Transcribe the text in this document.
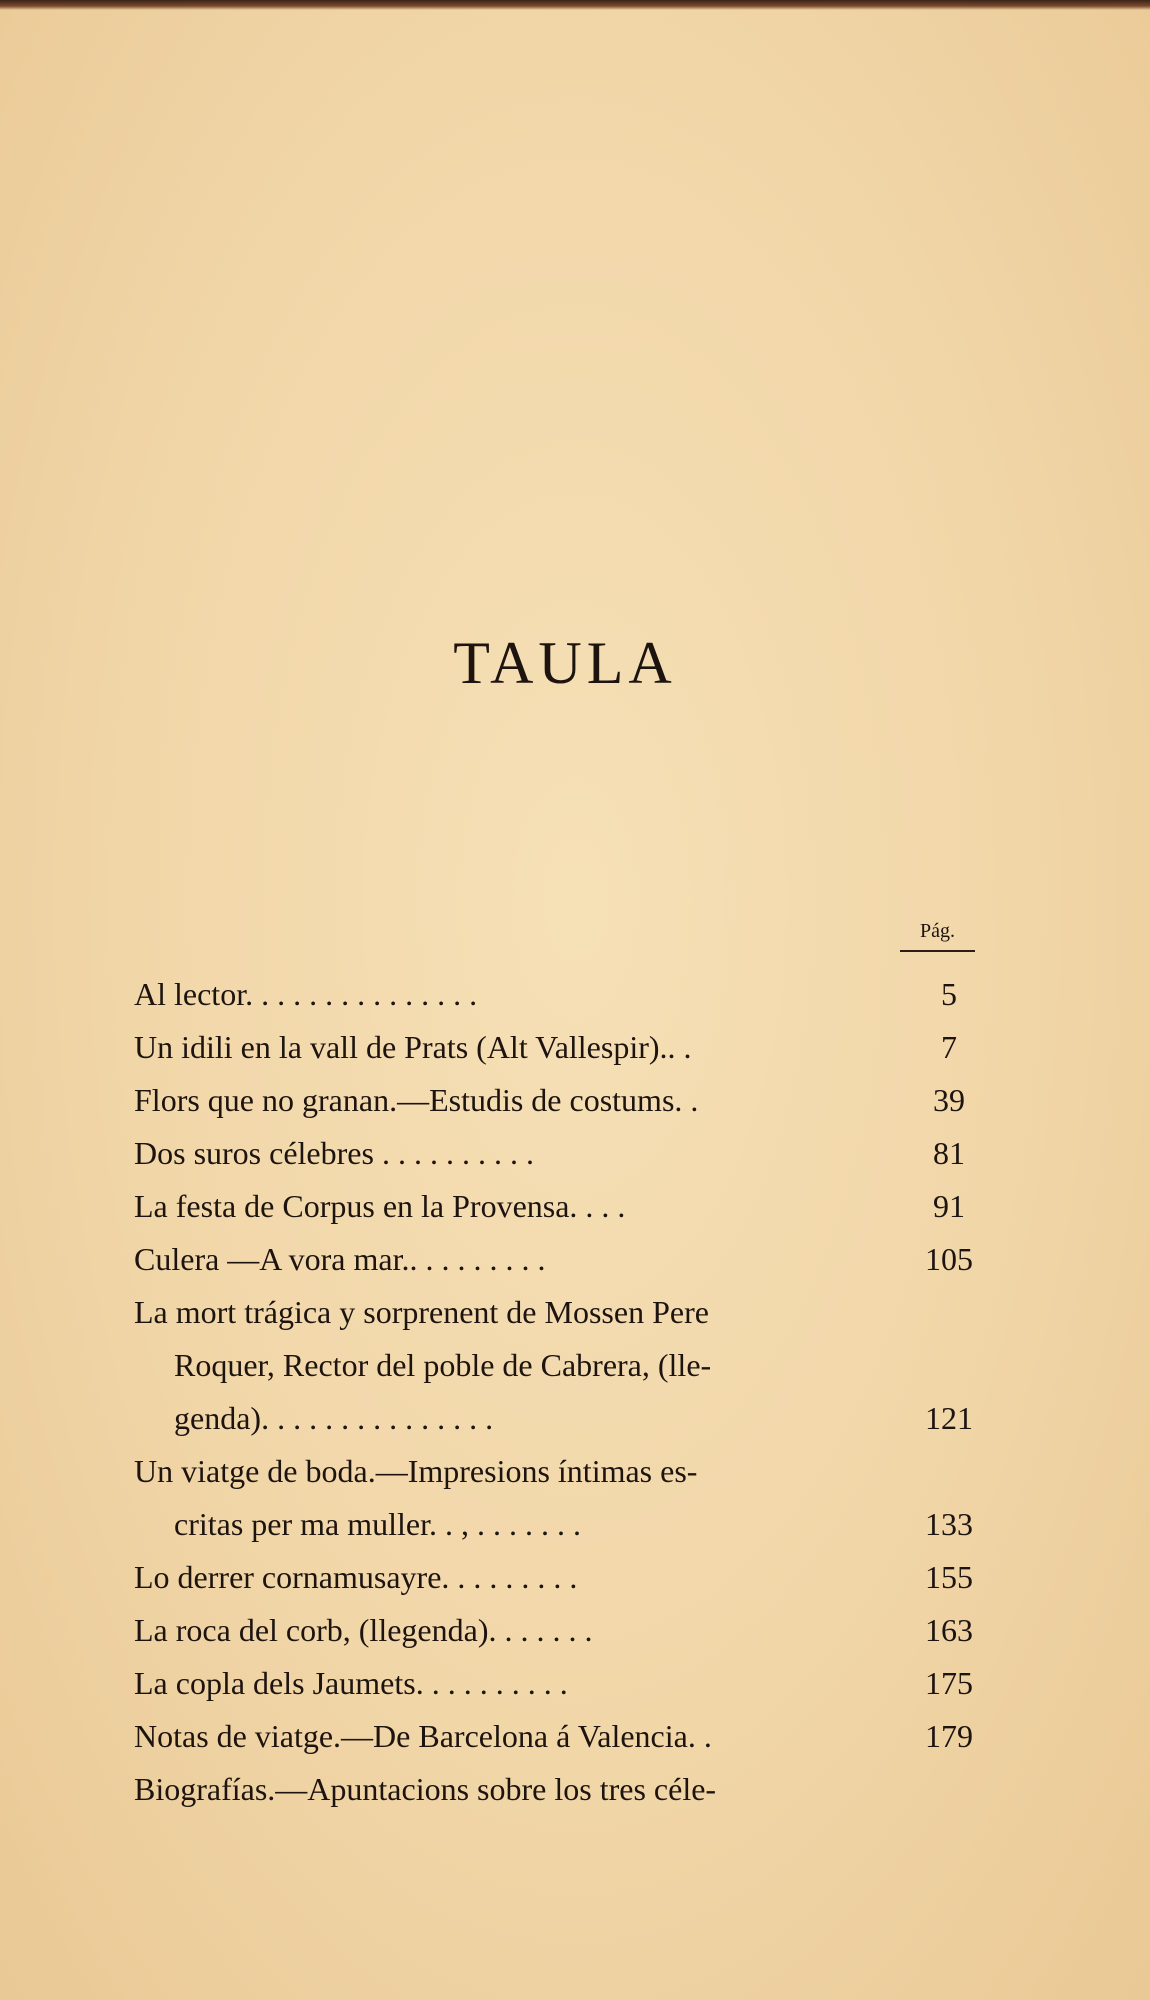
TAULA
Pág.
Al lector. . . . . . . . . . . . . . .	5
Un idili en la vall de Prats (Alt Vallespir).. .	7
Flors que no granan.—Estudis de costums. .	39
Dos suros célebres . . . . . . . . . .	81
La festa de Corpus en la Provensa. . . .	91
Culera —A vora mar.. . . . . . . . .	105
La mort trágica y sorprenent de Mossen Pere
Roquer, Rector del poble de Cabrera, (lle-
genda). . . . . . . . . . . . . . .	121
Un viatge de boda.—Impresions íntimas es-
critas per ma muller. . , . . . . . . .	133
Lo derrer cornamusayre. . . . . . . . .	155
La roca del corb, (llegenda). . . . . . .	163
La copla dels Jaumets. . . . . . . . . .	175
Notas de viatge.—De Barcelona á Valencia. .	179
Biografías.—Apuntacions sobre los tres céle-
